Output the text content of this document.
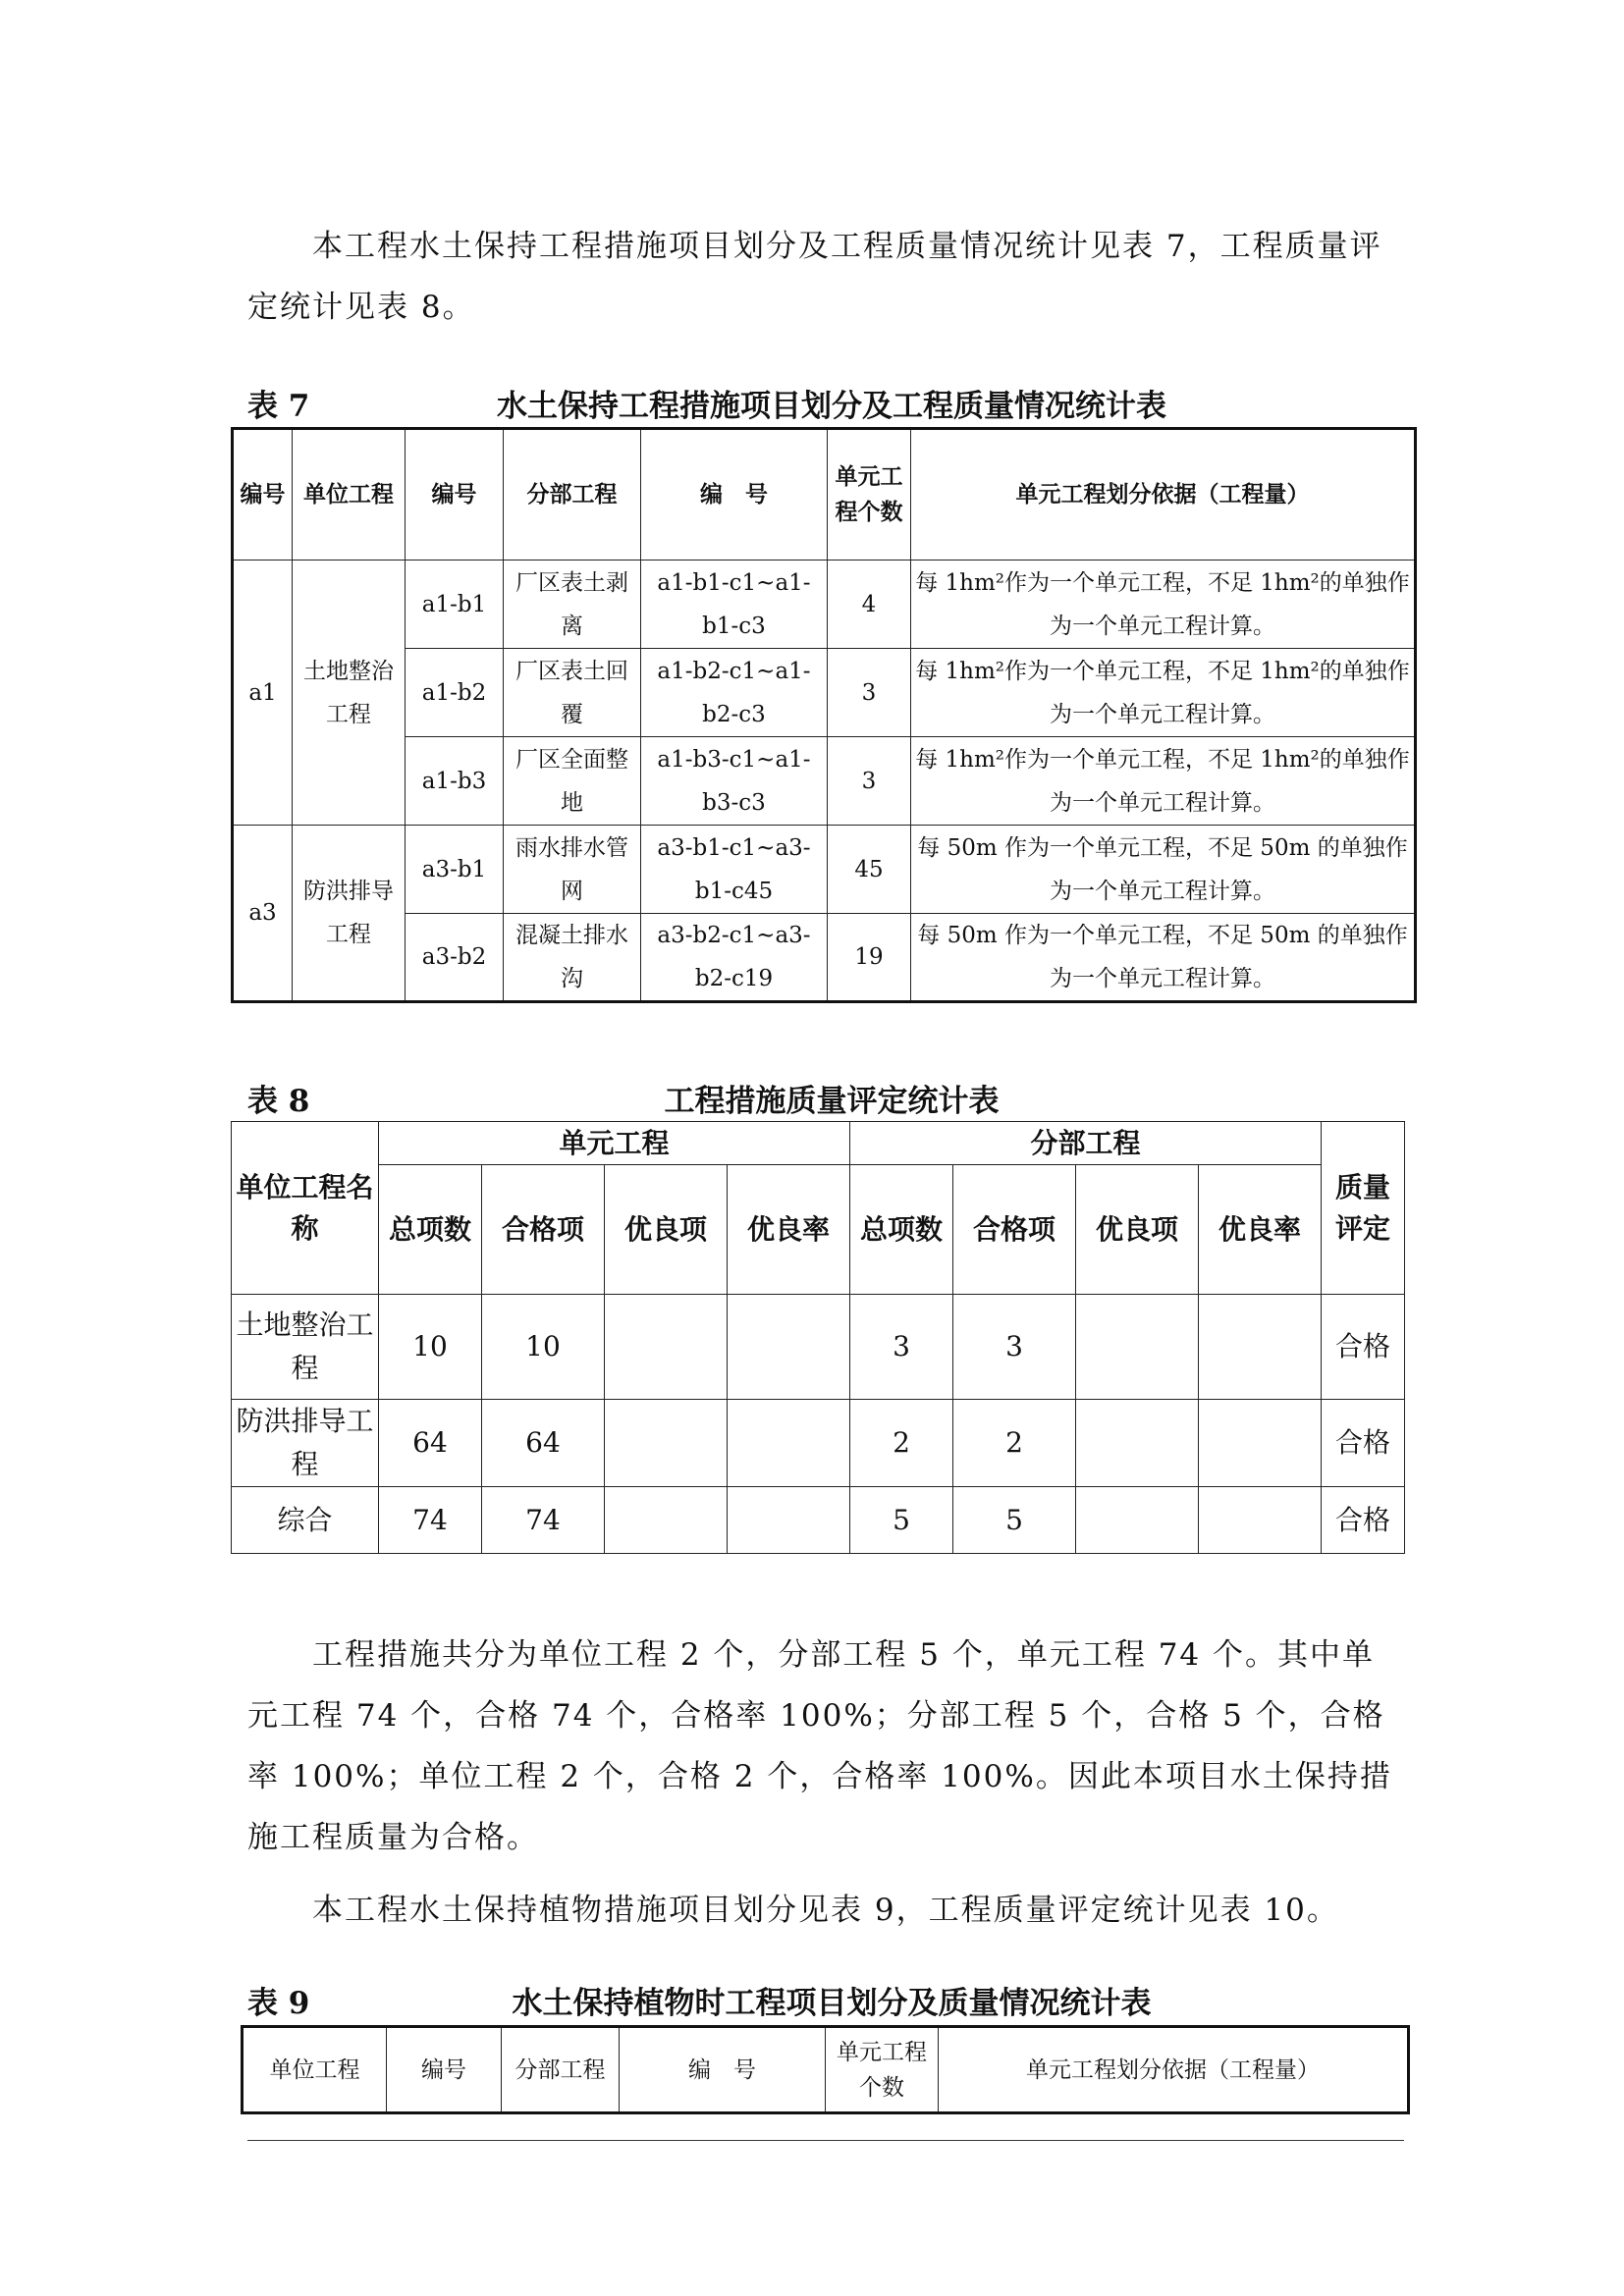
本工程水土保持工程措施项目划分及工程质量情况统计见表 7，工程质量评定统计见表 8。

表 7	水土保持工程措施项目划分及工程质量情况统计表
编号	单位工程	编号	分部工程	编　号	单元工程个数	单元工程划分依据（工程量）
a1	土地整治工程	a1-b1	厂区表土剥离	a1-b1-c1~a1-b1-c3	4	每 1hm²作为一个单元工程，不足 1hm²的单独作为一个单元工程计算。
		a1-b2	厂区表土回覆	a1-b2-c1~a1-b2-c3	3	每 1hm²作为一个单元工程，不足 1hm²的单独作为一个单元工程计算。
		a1-b3	厂区全面整地	a1-b3-c1~a1-b3-c3	3	每 1hm²作为一个单元工程，不足 1hm²的单独作为一个单元工程计算。
a3	防洪排导工程	a3-b1	雨水排水管网	a3-b1-c1~a3-b1-c45	45	每 50m 作为一个单元工程，不足 50m 的单独作为一个单元工程计算。
		a3-b2	混凝土排水沟	a3-b2-c1~a3-b2-c19	19	每 50m 作为一个单元工程，不足 50m 的单独作为一个单元工程计算。
表 8	工程措施质量评定统计表
单位工程名称	单元工程				分部工程				质量评定
	总项数	合格项	优良项	优良率	总项数	合格项	优良项	优良率	
土地整治工程	10	10			3	3			合格
防洪排导工程	64	64			2	2			合格
综合	74	74			5	5			合格

工程措施共分为单位工程 2 个，分部工程 5 个，单元工程 74 个。其中单元工程 74 个，合格 74 个，合格率 100%；分部工程 5 个，合格 5 个，合格率 100%；单位工程 2 个，合格 2 个，合格率 100%。因此本项目水土保持措施工程质量为合格。

本工程水土保持植物措施项目划分见表 9，工程质量评定统计见表 10。

表 9	水土保持植物时工程项目划分及质量情况统计表
单位工程	编号	分部工程	编　号	单元工程个数	单元工程划分依据（工程量）
